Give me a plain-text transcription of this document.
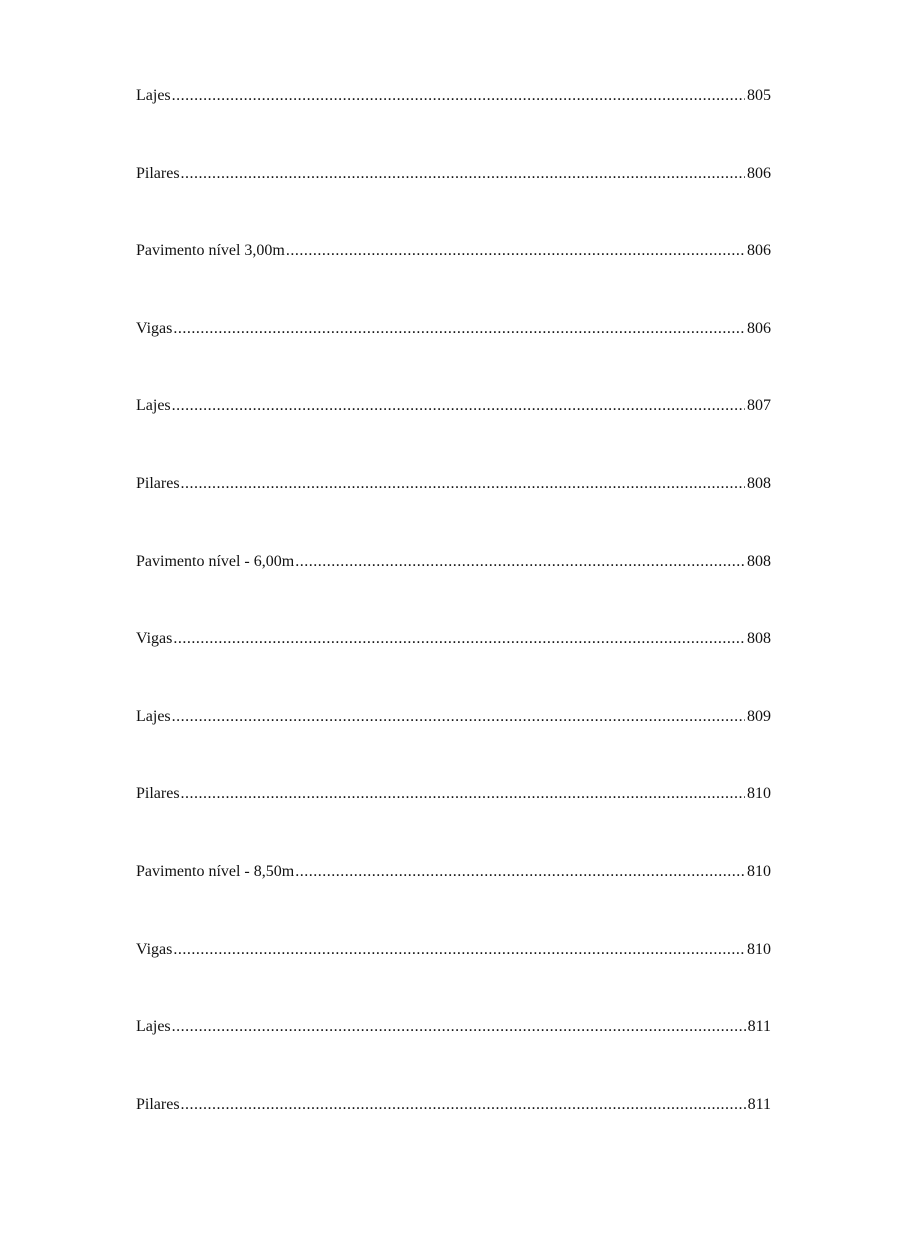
Lajes .....	805
Pilares .....	806
Pavimento nível 3,00m .....	806
Vigas .....	806
Lajes .....	807
Pilares .....	808
Pavimento nível - 6,00m .....	808
Vigas .....	808
Lajes .....	809
Pilares .....	810
Pavimento nível - 8,50m .....	810
Vigas .....	810
Lajes .....	811
Pilares .....	811
